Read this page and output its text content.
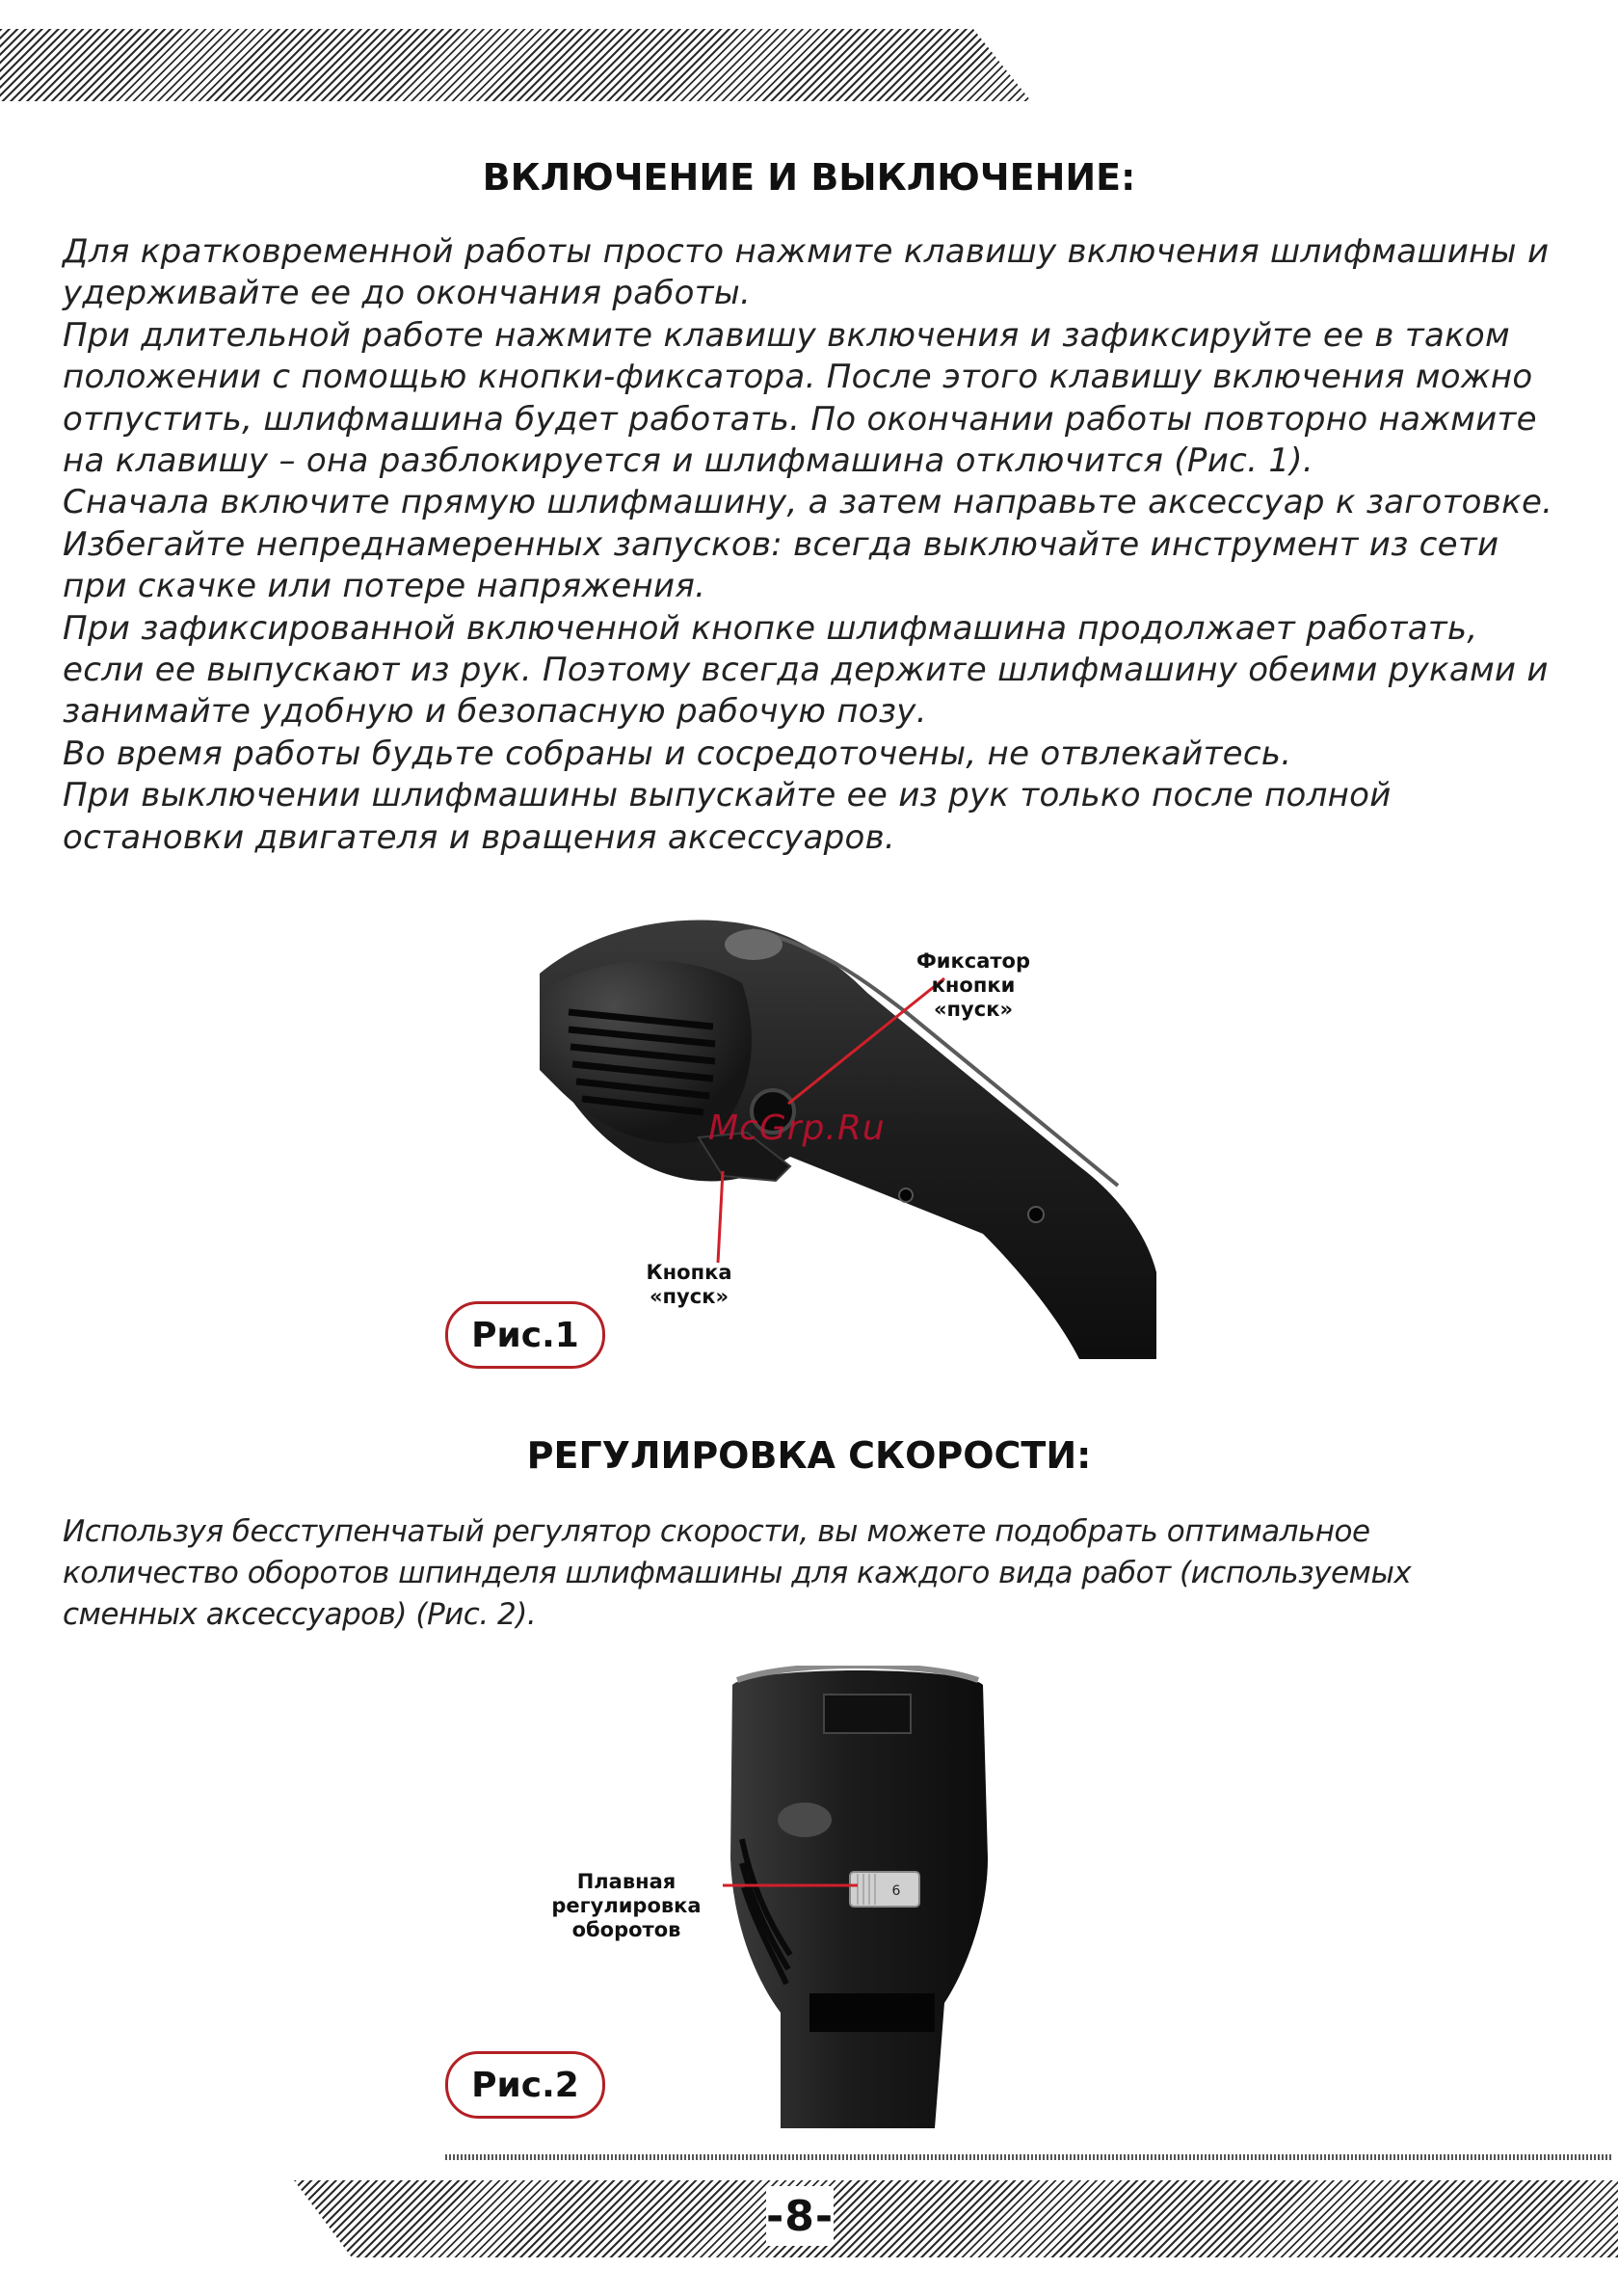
ВКЛЮЧЕНИЕ И ВЫКЛЮЧЕНИЕ:
Для кратковременной работы просто нажмите клавишу включения шлифмашины и удерживайте ее до окончания работы.
При длительной работе нажмите клавишу включения и зафиксируйте ее в таком положении с помощью кнопки-фиксатора. После этого клавишу включения можно отпустить, шлифмашина будет работать. По окончании работы повторно нажмите на клавишу – она разблокируется и шлифмашина отключится (Рис. 1).
Сначала включите прямую шлифмашину, а затем направьте аксессуар к заготовке.
Избегайте непреднамеренных запусков: всегда выключайте инструмент из сети при скачке или потере напряжения.
При зафиксированной включенной кнопке шлифмашина продолжает работать, если ее выпускают из рук. Поэтому всегда держите шлифмашину обеими руками и занимайте удобную и безопасную рабочую позу.
Во время работы будьте собраны и сосредоточены, не отвлекайтесь.
При выключении шлифмашины выпускайте ее из рук только после полной остановки двигателя и вращения аксессуаров.
McGrp.Ru
Фиксатор
кнопки «пуск»
Кнопка
«пуск»
Рис.1
РЕГУЛИРОВКА СКОРОСТИ:
Используя бесступенчатый регулятор скорости, вы можете подобрать оптимальное количество оборотов шпинделя шлифмашины для каждого вида работ (используемых сменных аксессуаров) (Рис. 2).
6
Плавная
регулировка
оборотов
Рис.2
-8-
